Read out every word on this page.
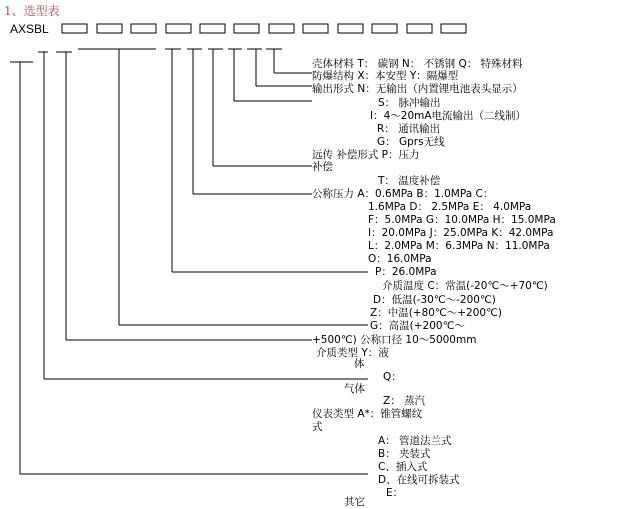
1、选型表
AXSBL
壳体材料 T： 碳钢 N： 不锈钢 Q： 特殊材料
防爆结构 X：本安型 Y：隔爆型
输出形式 N：无输出（内置锂电池表头显示）
S： 脉冲输出
I：4～20mA电流输出（二线制）
R： 通讯输出
G： Gprs无线
远传 补偿形式 P：压力
补偿
T： 温度补偿
公称压力 A：0.6MPa B：1.0MPa C：
1.6MPa D： 2.5MPa E： 4.0MPa
F：5.0MPa G：10.0MPa H：15.0MPa
I：20.0MPa J：25.0MPa K：42.0MPa
L：2.0MPa M：6.3MPa N：11.0MPa
O：16.0MPa
P：26.0MPa
介质温度 C：常温(-20℃～+70℃)
D：低温(-30℃～-200℃)
Z：中温(+80℃～+200℃)
G：高温(+200℃～
+500℃) 公称口径 10～5000mm
介质类型 Y：液
体
Q：
气体
Z： 蒸汽
仪表类型 A*：锥管螺纹
式
A： 管道法兰式
B： 夹装式
C、插入式
D、在线可拆装式
E：
其它
